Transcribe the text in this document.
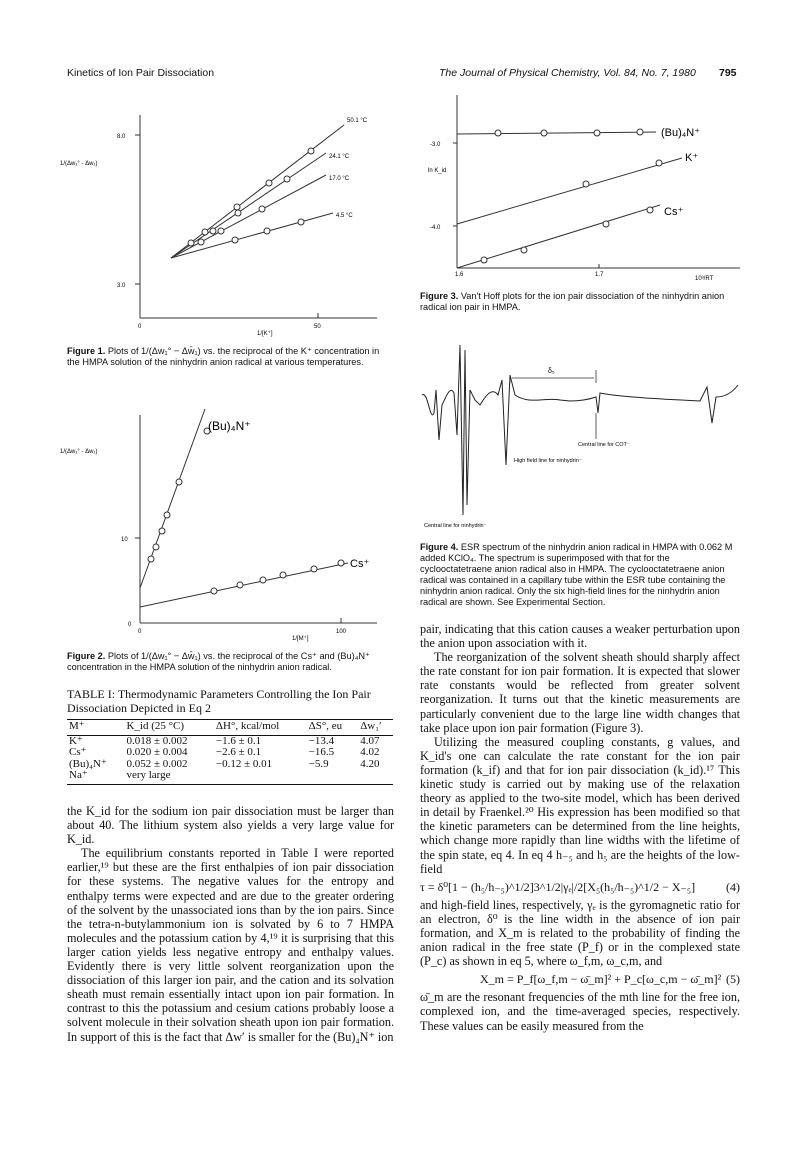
Kinetics of Ion Pair Dissociation	The Journal of Physical Chemistry, Vol. 84, No. 7, 1980 795
1/(Δw₁° - Δw₁)
8.0
3.0
0	50
1/[K⁺]
50.1 °C
24.1 °C
17.0 °C
4.5 °C
Figure 1. Plots of 1/(Δw₁° − Δw̄₁) vs. the reciprocal of the K⁺ concentration in the HMPA solution of the ninhydrin anion radical at various temperatures.
1/(Δw₁° - Δw₁)
10
0
0	100
1/[M⁺]
(Bu)₄N⁺
Cs⁺
Figure 2. Plots of 1/(Δw₁° − Δw̄₁) vs. the reciprocal of the Cs⁺ and (Bu)₄N⁺ concentration in the HMPA solution of the ninhydrin anion radical.
TABLE I: Thermodynamic Parameters Controlling the Ion Pair Dissociation Depicted in Eq 2
M⁺	K_id (25 °C)	ΔH°, kcal/mol	ΔS°, eu	Δw₁′
K⁺	0.018 ± 0.002	−1.6 ± 0.1	−13.4	4.07
Cs⁺	0.020 ± 0.004	−2.6 ± 0.1	−16.5	4.02
(Bu)₄N⁺	0.052 ± 0.002	−0.12 ± 0.01	−5.9	4.20
Na⁺	very large			

the K_id for the sodium ion pair dissociation must be larger than about 40. The lithium system also yields a very large value for K_id.

The equilibrium constants reported in Table I were reported earlier,¹⁹ but these are the first enthalpies of ion pair dissociation for these systems. The negative values for the entropy and enthalpy terms were expected and are due to the greater ordering of the solvent by the unassociated ions than by the ion pairs. Since the tetra-n-butylammonium ion is solvated by 6 to 7 HMPA molecules and the potassium cation by 4,¹⁹ it is surprising that this larger cation yields less negative entropy and enthalpy values. Evidently there is very little solvent reorganization upon the dissociation of this larger ion pair, and the cation and its solvation sheath must remain essentially intact upon ion pair formation. In contrast to this the potassium and cesium cations probably loose a solvent molecule in their solvation sheath upon ion pair formation. In support of this is the fact that Δw′ is smaller for the (Bu)₄N⁺ ion

ln K_id
-3.0
-4.0
1.6	1.7
10³/RT
(Bu)₄N⁺
K⁺
Cs⁺
Figure 3. Van't Hoff plots for the ion pair dissociation of the ninhydrin anion radical ion pair in HMPA.
δ₅
Central line for COT⁻
High field line for ninhydrin⁻
Central line for ninhydrin⁻
Figure 4. ESR spectrum of the ninhydrin anion radical in HMPA with 0.062 M added KClO₄. The spectrum is superimposed with that for the cyclooctatetraene anion radical also in HMPA. The cyclooctatetraene anion radical was contained in a capillary tube within the ESR tube containing the ninhydrin anion radical. Only the six high-field lines for the ninhydrin anion radical are shown. See Experimental Section.

pair, indicating that this cation causes a weaker perturbation upon the anion upon association with it.

The reorganization of the solvent sheath should sharply affect the rate constant for ion pair formation. It is expected that slower rate constants would be reflected from greater solvent reorganization. It turns out that the kinetic measurements are particularly convenient due to the large line width changes that take place upon ion pair formation (Figure 3).

Utilizing the measured coupling constants, g values, and K_id's one can calculate the rate constant for the ion pair formation (k_if) and that for ion pair dissociation (k_id).¹⁷ This kinetic study is carried out by making use of the relaxation theory as applied to the two-site model, which has been derived in detail by Fraenkel.²⁰ His expression has been modified so that the kinetic parameters can be determined from the line heights, which change more rapidly than line widths with the lifetime of the spin state, eq 4. In eq 4 h₋₅ and h₅ are the heights of the low-field

τ = δ⁰[1 − (h₅/h₋₅)^1/2]3^1/2|γₑ|/2[X₅(h₅/h₋₅)^1/2 − X₋₅]	(4)

and high-field lines, respectively, γₑ is the gyromagnetic ratio for an electron, δ⁰ is the line width in the absence of ion pair formation, and X_m is related to the probability of finding the anion radical in the free state (P_f) or in the complexed state (P_c) as shown in eq 5, where ω_f,m, ω_c,m, and

X_m = P_f[ω_f,m − ω̄_m]² + P_c[ω_c,m − ω̄_m]² (5)

ω̄_m are the resonant frequencies of the mth line for the free ion, complexed ion, and the time-averaged species, respectively. These values can be easily measured from the
